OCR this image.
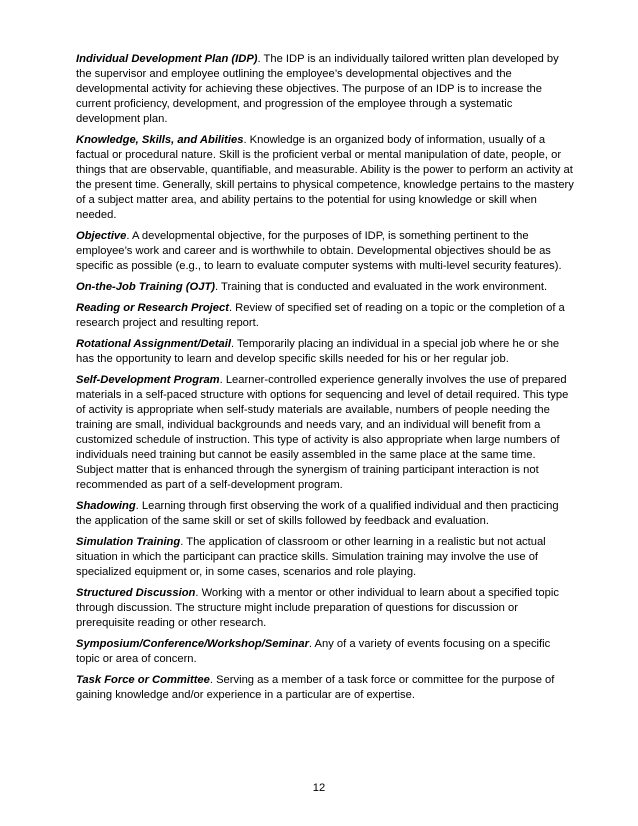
Individual Development Plan (IDP). The IDP is an individually tailored written plan developed by the supervisor and employee outlining the employee’s developmental objectives and the developmental activity for achieving these objectives. The purpose of an IDP is to increase the current proficiency, development, and progression of the employee through a systematic development plan.

Knowledge, Skills, and Abilities. Knowledge is an organized body of information, usually of a factual or procedural nature. Skill is the proficient verbal or mental manipulation of date, people, or things that are observable, quantifiable, and measurable. Ability is the power to perform an activity at the present time. Generally, skill pertains to physical competence, knowledge pertains to the mastery of a subject matter area, and ability pertains to the potential for using knowledge or skill when needed.

Objective. A developmental objective, for the purposes of IDP, is something pertinent to the employee’s work and career and is worthwhile to obtain. Developmental objectives should be as specific as possible (e.g., to learn to evaluate computer systems with multi-level security features).

On-the-Job Training (OJT). Training that is conducted and evaluated in the work environment.

Reading or Research Project. Review of specified set of reading on a topic or the completion of a research project and resulting report.

Rotational Assignment/Detail. Temporarily placing an individual in a special job where he or she has the opportunity to learn and develop specific skills needed for his or her regular job.

Self-Development Program. Learner-controlled experience generally involves the use of prepared materials in a self-paced structure with options for sequencing and level of detail required. This type of activity is appropriate when self-study materials are available, numbers of people needing the training are small, individual backgrounds and needs vary, and an individual will benefit from a customized schedule of instruction. This type of activity is also appropriate when large numbers of individuals need training but cannot be easily assembled in the same place at the same time. Subject matter that is enhanced through the synergism of training participant interaction is not recommended as part of a self-development program.

Shadowing. Learning through first observing the work of a qualified individual and then practicing the application of the same skill or set of skills followed by feedback and evaluation.

Simulation Training. The application of classroom or other learning in a realistic but not actual situation in which the participant can practice skills. Simulation training may involve the use of specialized equipment or, in some cases, scenarios and role playing.

Structured Discussion. Working with a mentor or other individual to learn about a specified topic through discussion. The structure might include preparation of questions for discussion or prerequisite reading or other research.

Symposium/Conference/Workshop/Seminar. Any of a variety of events focusing on a specific topic or area of concern.

Task Force or Committee. Serving as a member of a task force or committee for the purpose of gaining knowledge and/or experience in a particular are of expertise.

12
